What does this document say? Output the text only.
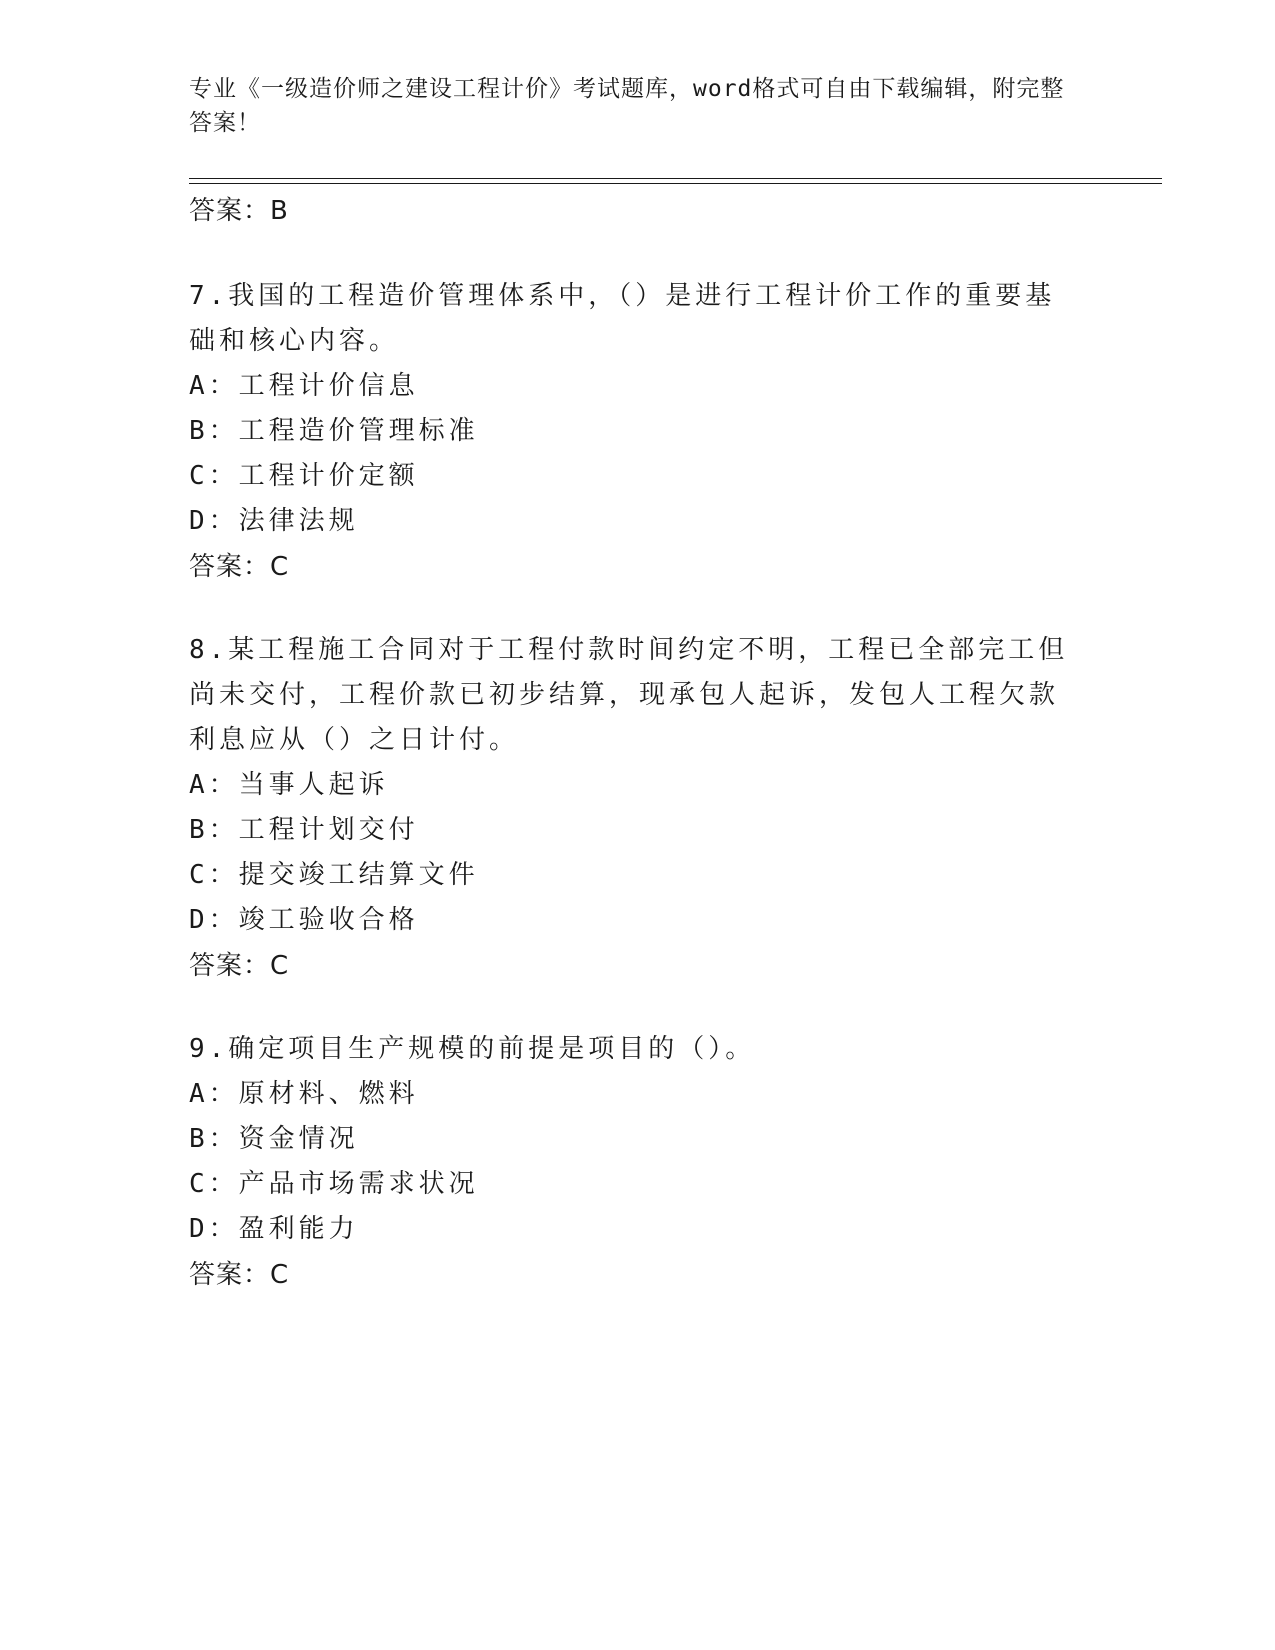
专业《一级造价师之建设工程计价》考试题库，word格式可自由下载编辑，附完整答案！
答案：B
7.我国的工程造价管理体系中，（）是进行工程计价工作的重要基础和核心内容。
A：工程计价信息
B：工程造价管理标准
C：工程计价定额
D：法律法规
答案：C
8.某工程施工合同对于工程付款时间约定不明，工程已全部完工但尚未交付，工程价款已初步结算，现承包人起诉，发包人工程欠款利息应从（）之日计付。
A：当事人起诉
B：工程计划交付
C：提交竣工结算文件
D：竣工验收合格
答案：C
9.确定项目生产规模的前提是项目的（）。
A：原材料、燃料
B：资金情况
C：产品市场需求状况
D：盈利能力
答案：C
